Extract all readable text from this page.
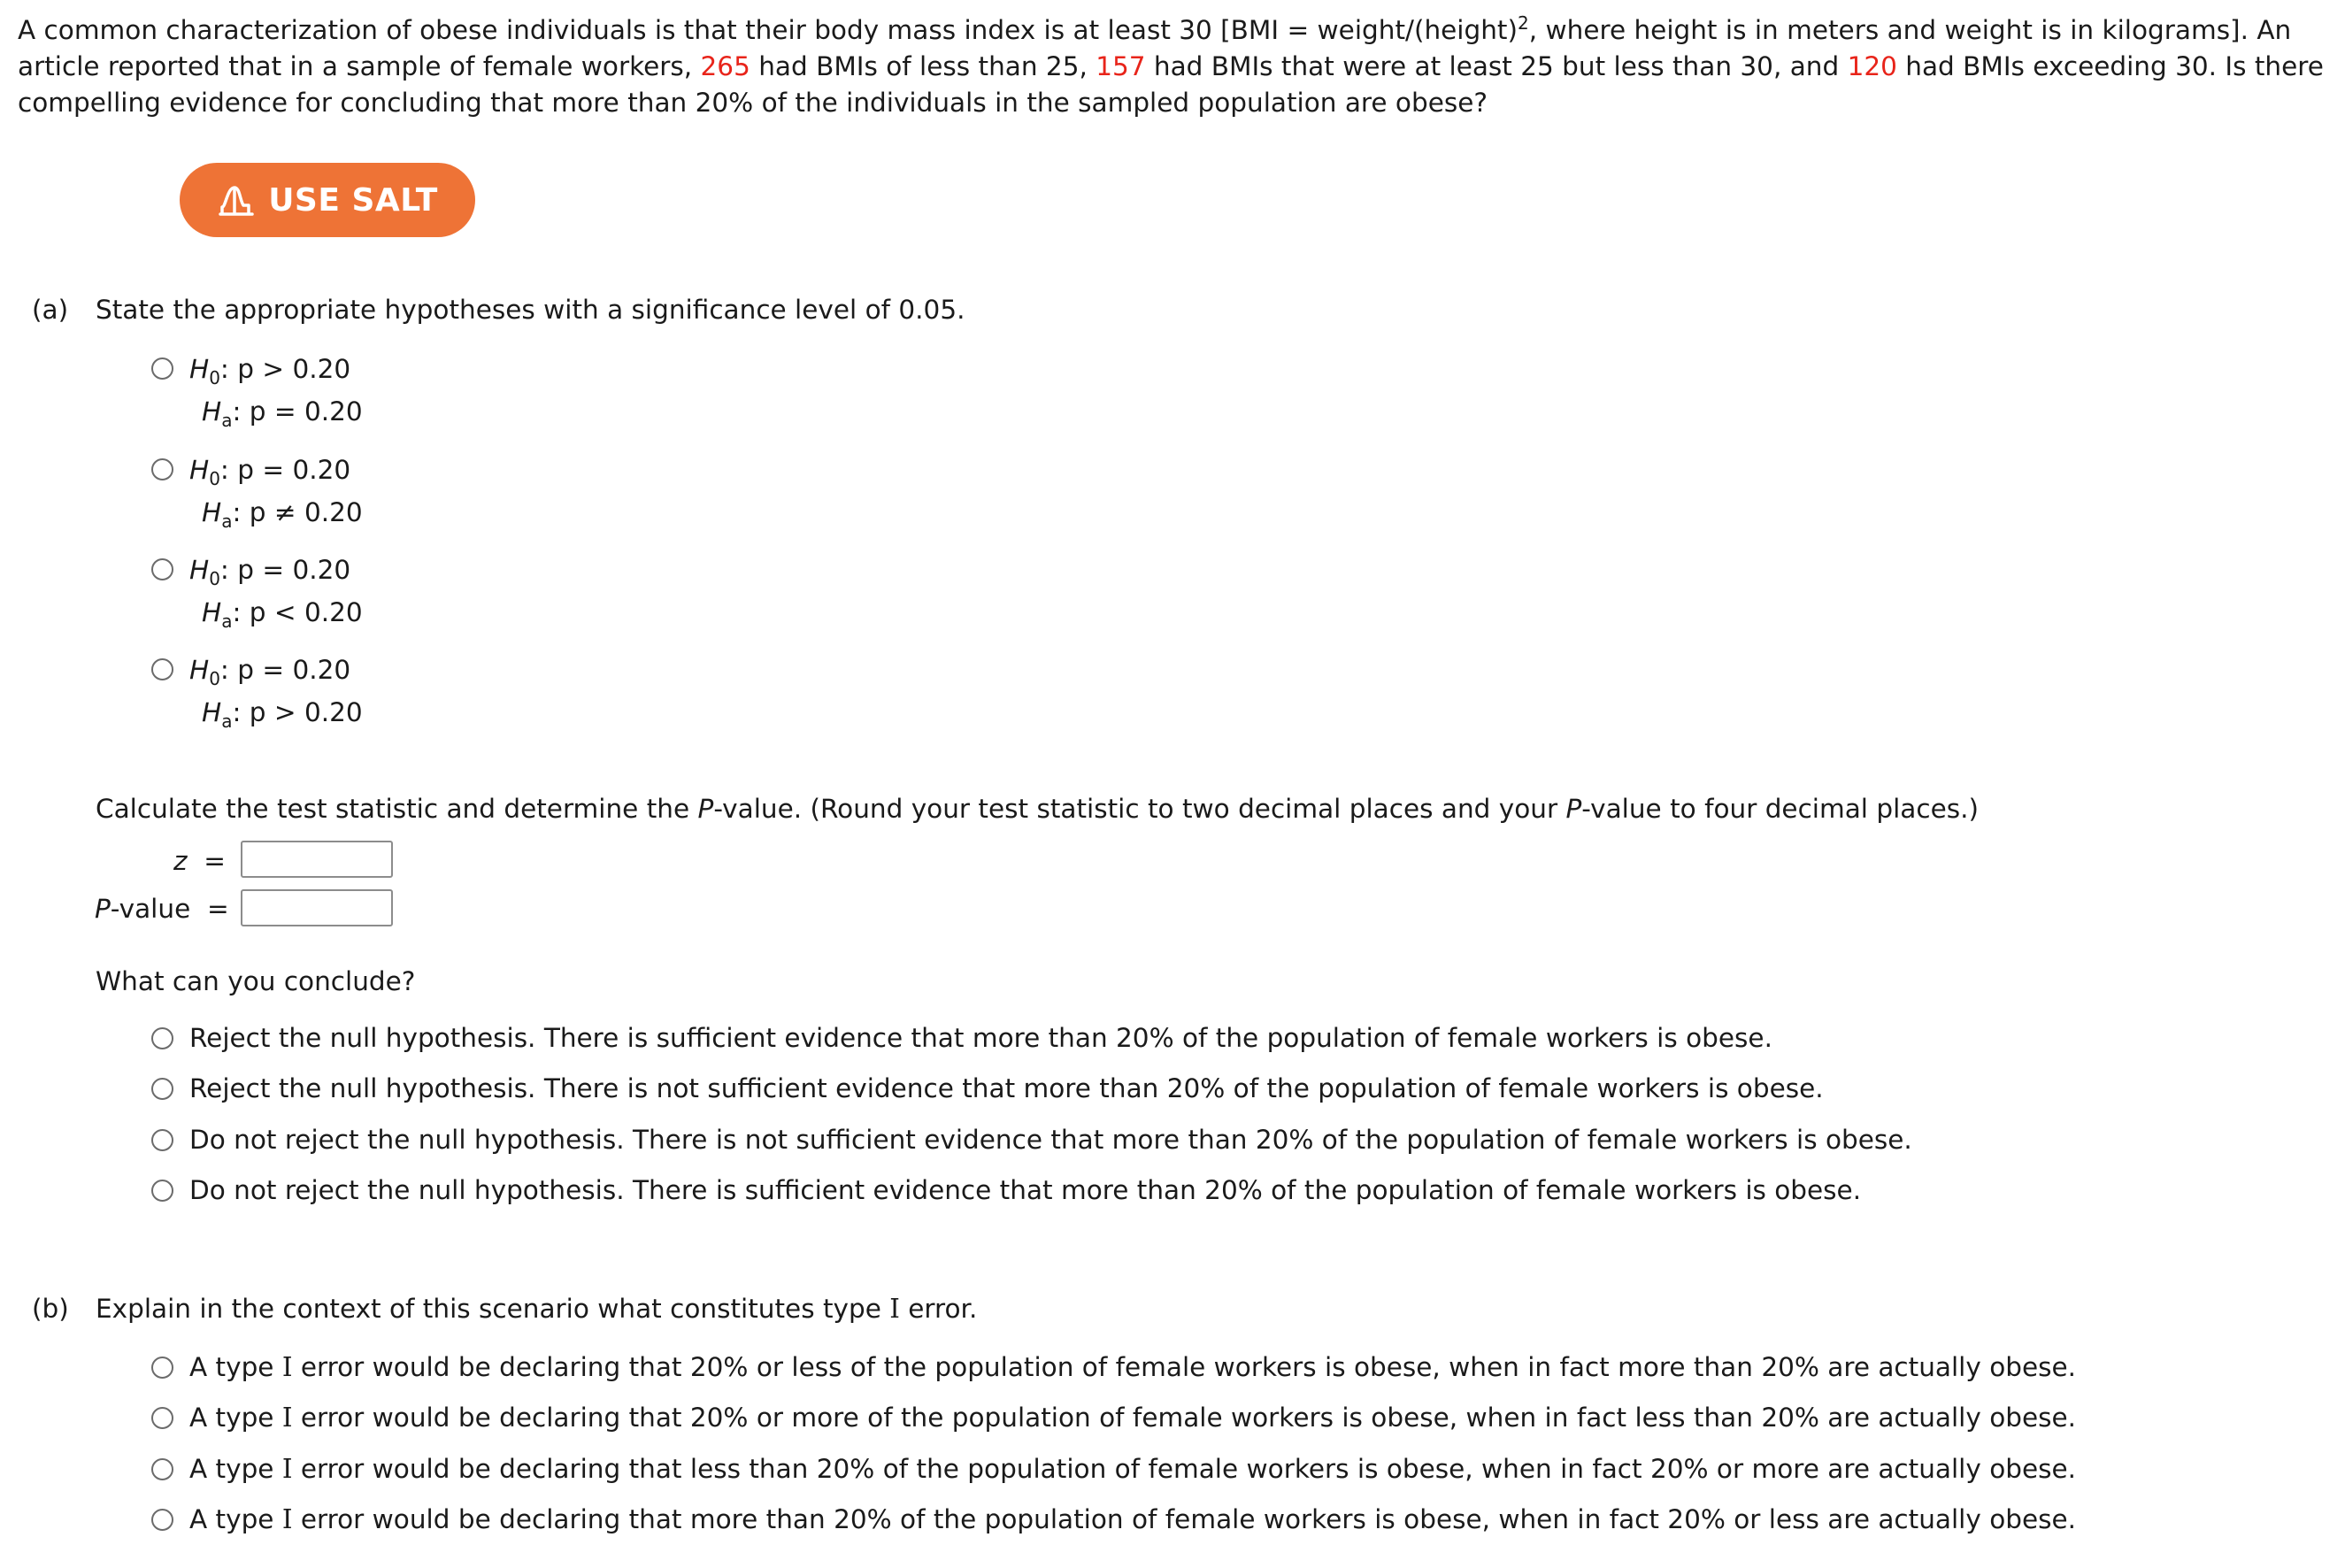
A common characterization of obese individuals is that their body mass index is at least 30 [BMI = weight/(height)$^2$, where height is in meters and weight is in kilograms]. An article reported that in a sample of female workers, 265 had BMIs of less than 25, 157 had BMIs that were at least 25 but less than 30, and 120 had BMIs exceeding 30. Is there compelling evidence for concluding that more than 20% of the individuals in the sampled population are obese?

USE SALT
(a) State the appropriate hypotheses with a significance level of 0.05.
$H_0$: p > 0.20
$H_a$: p = 0.20
$H_0$: p = 0.20
$H_a$: p ≠ 0.20
$H_0$: p = 0.20
$H_a$: p < 0.20
$H_0$: p = 0.20
$H_a$: p > 0.20
Calculate the test statistic and determine the P-value. (Round your test statistic to two decimal places and your P-value to four decimal places.)
z =
P-value =
What can you conclude?
Reject the null hypothesis. There is sufficient evidence that more than 20% of the population of female workers is obese.
Reject the null hypothesis. There is not sufficient evidence that more than 20% of the population of female workers is obese.
Do not reject the null hypothesis. There is not sufficient evidence that more than 20% of the population of female workers is obese.
Do not reject the null hypothesis. There is sufficient evidence that more than 20% of the population of female workers is obese.
(b) Explain in the context of this scenario what constitutes type I error.
A type I error would be declaring that 20% or less of the population of female workers is obese, when in fact more than 20% are actually obese.
A type I error would be declaring that 20% or more of the population of female workers is obese, when in fact less than 20% are actually obese.
A type I error would be declaring that less than 20% of the population of female workers is obese, when in fact 20% or more are actually obese.
A type I error would be declaring that more than 20% of the population of female workers is obese, when in fact 20% or less are actually obese.
